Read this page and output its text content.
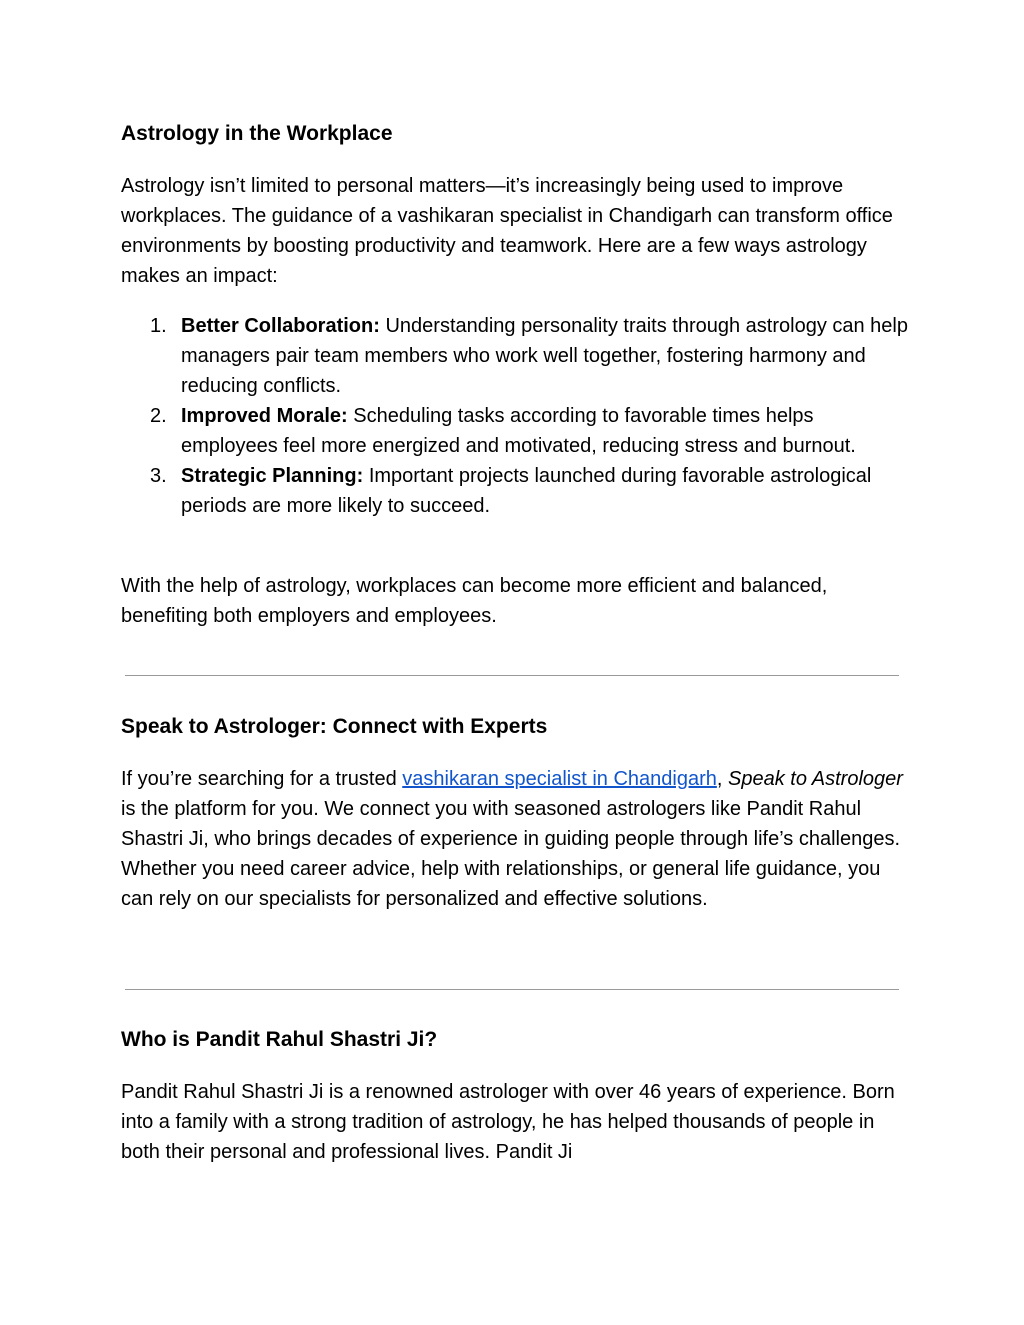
Astrology in the Workplace

Astrology isn’t limited to personal matters—it’s increasingly being used to improve workplaces. The guidance of a vashikaran specialist in Chandigarh can transform office environments by boosting productivity and teamwork. Here are a few ways astrology makes an impact:

1. Better Collaboration: Understanding personality traits through astrology can help managers pair team members who work well together, fostering harmony and reducing conflicts.
2. Improved Morale: Scheduling tasks according to favorable times helps employees feel more energized and motivated, reducing stress and burnout.
3. Strategic Planning: Important projects launched during favorable astrological periods are more likely to succeed.

With the help of astrology, workplaces can become more efficient and balanced, benefiting both employers and employees.

Speak to Astrologer: Connect with Experts

If you’re searching for a trusted vashikaran specialist in Chandigarh, Speak to Astrologer is the platform for you. We connect you with seasoned astrologers like Pandit Rahul Shastri Ji, who brings decades of experience in guiding people through life’s challenges. Whether you need career advice, help with relationships, or general life guidance, you can rely on our specialists for personalized and effective solutions.

Who is Pandit Rahul Shastri Ji?

Pandit Rahul Shastri Ji is a renowned astrologer with over 46 years of experience. Born into a family with a strong tradition of astrology, he has helped thousands of people in both their personal and professional lives. Pandit Ji
